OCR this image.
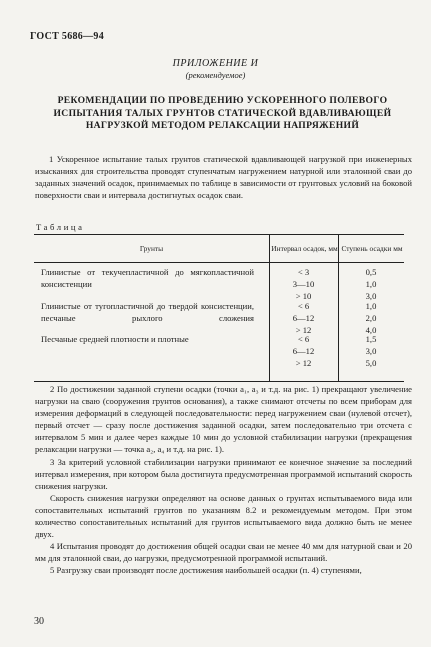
ГОСТ 5686—94
ПРИЛОЖЕНИЕ И
(рекомендуемое)
РЕКОМЕНДАЦИИ ПО ПРОВЕДЕНИЮ УСКОРЕННОГО ПОЛЕВОГО ИСПЫТАНИЯ ТАЛЫХ ГРУНТОВ СТАТИЧЕСКОЙ ВДАВЛИВАЮЩЕЙ НАГРУЗКОЙ МЕТОДОМ РЕЛАКСАЦИИ НАПРЯЖЕНИЙ
1 Ускоренное испытание талых грунтов статической вдавливающей нагрузкой при инженерных изысканиях для строительства проводят ступенчатым нагружением натурной или эталонной сваи до заданных значений осадок, принимаемых по таблице в зависимости от грунтовых условий на боковой поверхности сваи и интервала достигнутых осадок сваи.
Таблица
Грунты	Интервал осадок, мм Ступень осадки мм
Глинистые от текучепластичной до мягкопластичной консистенции
< 3
3—10
> 10
0,5
1,0
3,0
Глинистые от тугопластичной до твердой консистенции, песчаные рыхлого сложения
< 6
6—12
> 12
1,0
2,0
4,0
Песчаные средней плотности и плотные	< 6
6—12
> 12
1,5
3,0
5,0
2 По достижении заданной ступени осадки (точки a₁, a₃ и т.д. на рис. 1) прекращают увеличение нагрузки на сваю (сооружения грунтов основания), а также снимают отсчеты по всем приборам для измерения деформаций в следующей последовательности: перед нагружением сваи (нулевой отсчет), первый отсчет — сразу после достижения заданной осадки, затем последовательно три отсчета с интервалом 5 мин и далее через каждые 10 мин до условной стабилизации нагрузки (прекращения релаксации нагрузки — точка a₂, a₄ и т.д. на рис. 1).
3 За критерий условной стабилизации нагрузки принимают ее конечное значение за последний интервал измерения, при котором была достигнута предусмотренная программой испытаний скорость снижения нагрузки.
Скорость снижения нагрузки определяют на основе данных о грунтах испытываемого вида или сопоставительных испытаний грунтов по указаниям 8.2 и рекомендуемым методом. При этом количество сопоставительных испытаний для грунтов испытываемого вида должно быть не менее двух.
4 Испытания проводят до достижения общей осадки сваи не менее 40 мм для натурной сваи и 20 мм для эталонной сваи, до нагрузки, предусмотренной программой испытаний.
5 Разгрузку сваи производят после достижения наибольшей осадки (п. 4) ступенями,
30
